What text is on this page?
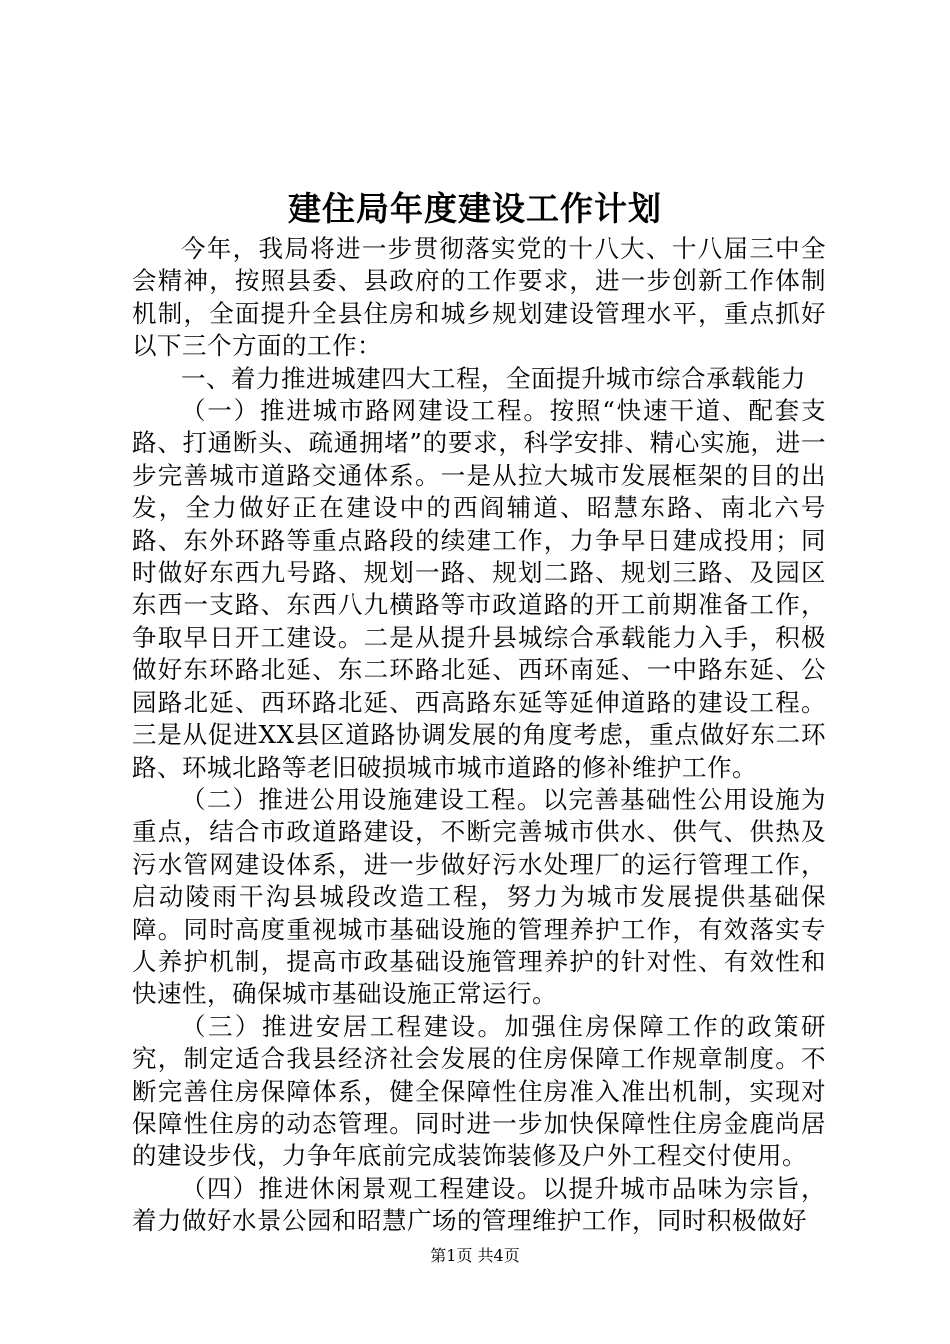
建住局年度建设工作计划

今年，我局将进一步贯彻落实党的十八大、十八届三中全会精神，按照县委、县政府的工作要求，进一步创新工作体制机制，全面提升全县住房和城乡规划建设管理水平，重点抓好以下三个方面的工作：

一、着力推进城建四大工程，全面提升城市综合承载能力

（一）推进城市路网建设工程。按照“快速干道、配套支路、打通断头、疏通拥堵”的要求，科学安排、精心实施，进一步完善城市道路交通体系。一是从拉大城市发展框架的目的出发，全力做好正在建设中的西阎辅道、昭慧东路、南北六号路、东外环路等重点路段的续建工作，力争早日建成投用；同时做好东西九号路、规划一路、规划二路、规划三路、及园区东西一支路、东西八九横路等市政道路的开工前期准备工作，争取早日开工建设。二是从提升县城综合承载能力入手，积极做好东环路北延、东二环路北延、西环南延、一中路东延、公园路北延、西环路北延、西高路东延等延伸道路的建设工程。三是从促进XX县区道路协调发展的角度考虑，重点做好东二环路、环城北路等老旧破损城市城市道路的修补维护工作。

（二）推进公用设施建设工程。以完善基础性公用设施为重点，结合市政道路建设，不断完善城市供水、供气、供热及污水管网建设体系，进一步做好污水处理厂的运行管理工作，启动陵雨干沟县城段改造工程，努力为城市发展提供基础保障。同时高度重视城市基础设施的管理养护工作，有效落实专人养护机制，提高市政基础设施管理养护的针对性、有效性和快速性，确保城市基础设施正常运行。

（三）推进安居工程建设。加强住房保障工作的政策研究，制定适合我县经济社会发展的住房保障工作规章制度。不断完善住房保障体系，健全保障性住房准入准出机制，实现对保障性住房的动态管理。同时进一步加快保障性住房金鹿尚居的建设步伐，力争年底前完成装饰装修及户外工程交付使用。

（四）推进休闲景观工程建设。以提升城市品味为宗旨，着力做好水景公园和昭慧广场的管理维护工作，同时积极做好

第1页 共4页
